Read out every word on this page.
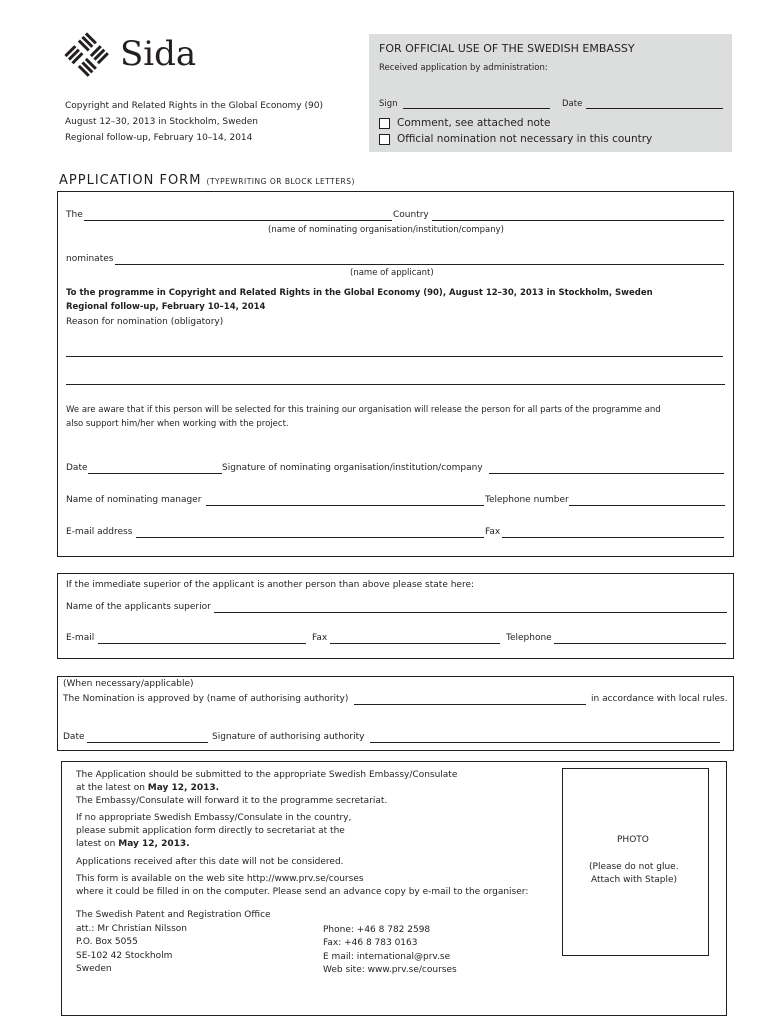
Sida	FOR OFFICIAL USE OF THE SWEDISH EMBASSY
Received application by administration:
Sign	Date
Comment, see attached note
Official nomination not necessary in this country
Copyright and Related Rights in the Global Economy (90)
August 12–30, 2013 in Stockholm, Sweden
Regional follow-up, February 10–14, 2014
APPLICATION FORM (TYPEWRITING OR BLOCK LETTERS)
The	Country
(name of nominating organisation/institution/company)
nominates
(name of applicant)
To the programme in Copyright and Related Rights in the Global Economy (90), August 12–30, 2013 in Stockholm, Sweden
Regional follow-up, February 10–14, 2014
Reason for nomination (obligatory)
We are aware that if this person will be selected for this training our organisation will release the person for all parts of the programme and
also support him/her when working with the project.
Date	Signature of nominating organisation/institution/company
Name of nominating manager	Telephone number
E-mail address	Fax
If the immediate superior of the applicant is another person than above please state here:
Name of the applicants superior
E-mail	Fax	Telephone
(When necessary/applicable)
The Nomination is approved by (name of authorising authority)	in accordance with local rules.
Date	Signature of authorising authority
The Application should be submitted to the appropriate Swedish Embassy/Consulate
at the latest on May 12, 2013.
The Embassy/Consulate will forward it to the programme secretariat.
If no appropriate Swedish Embassy/Consulate in the country,
please submit application form directly to secretariat at the
latest on May 12, 2013.
Applications received after this date will not be considered.
This form is available on the web site http://www.prv.se/courses
where it could be filled in on the computer. Please send an advance copy by e-mail to the organiser:
The Swedish Patent and Registration Office
att.: Mr Christian Nilsson
P.O. Box 5055
SE-102 42 Stockholm
Sweden
Phone: +46 8 782 2598
Fax: +46 8 783 0163
E mail: international@prv.se
Web site: www.prv.se/courses
PHOTO
(Please do not glue.
Attach with Staple)
